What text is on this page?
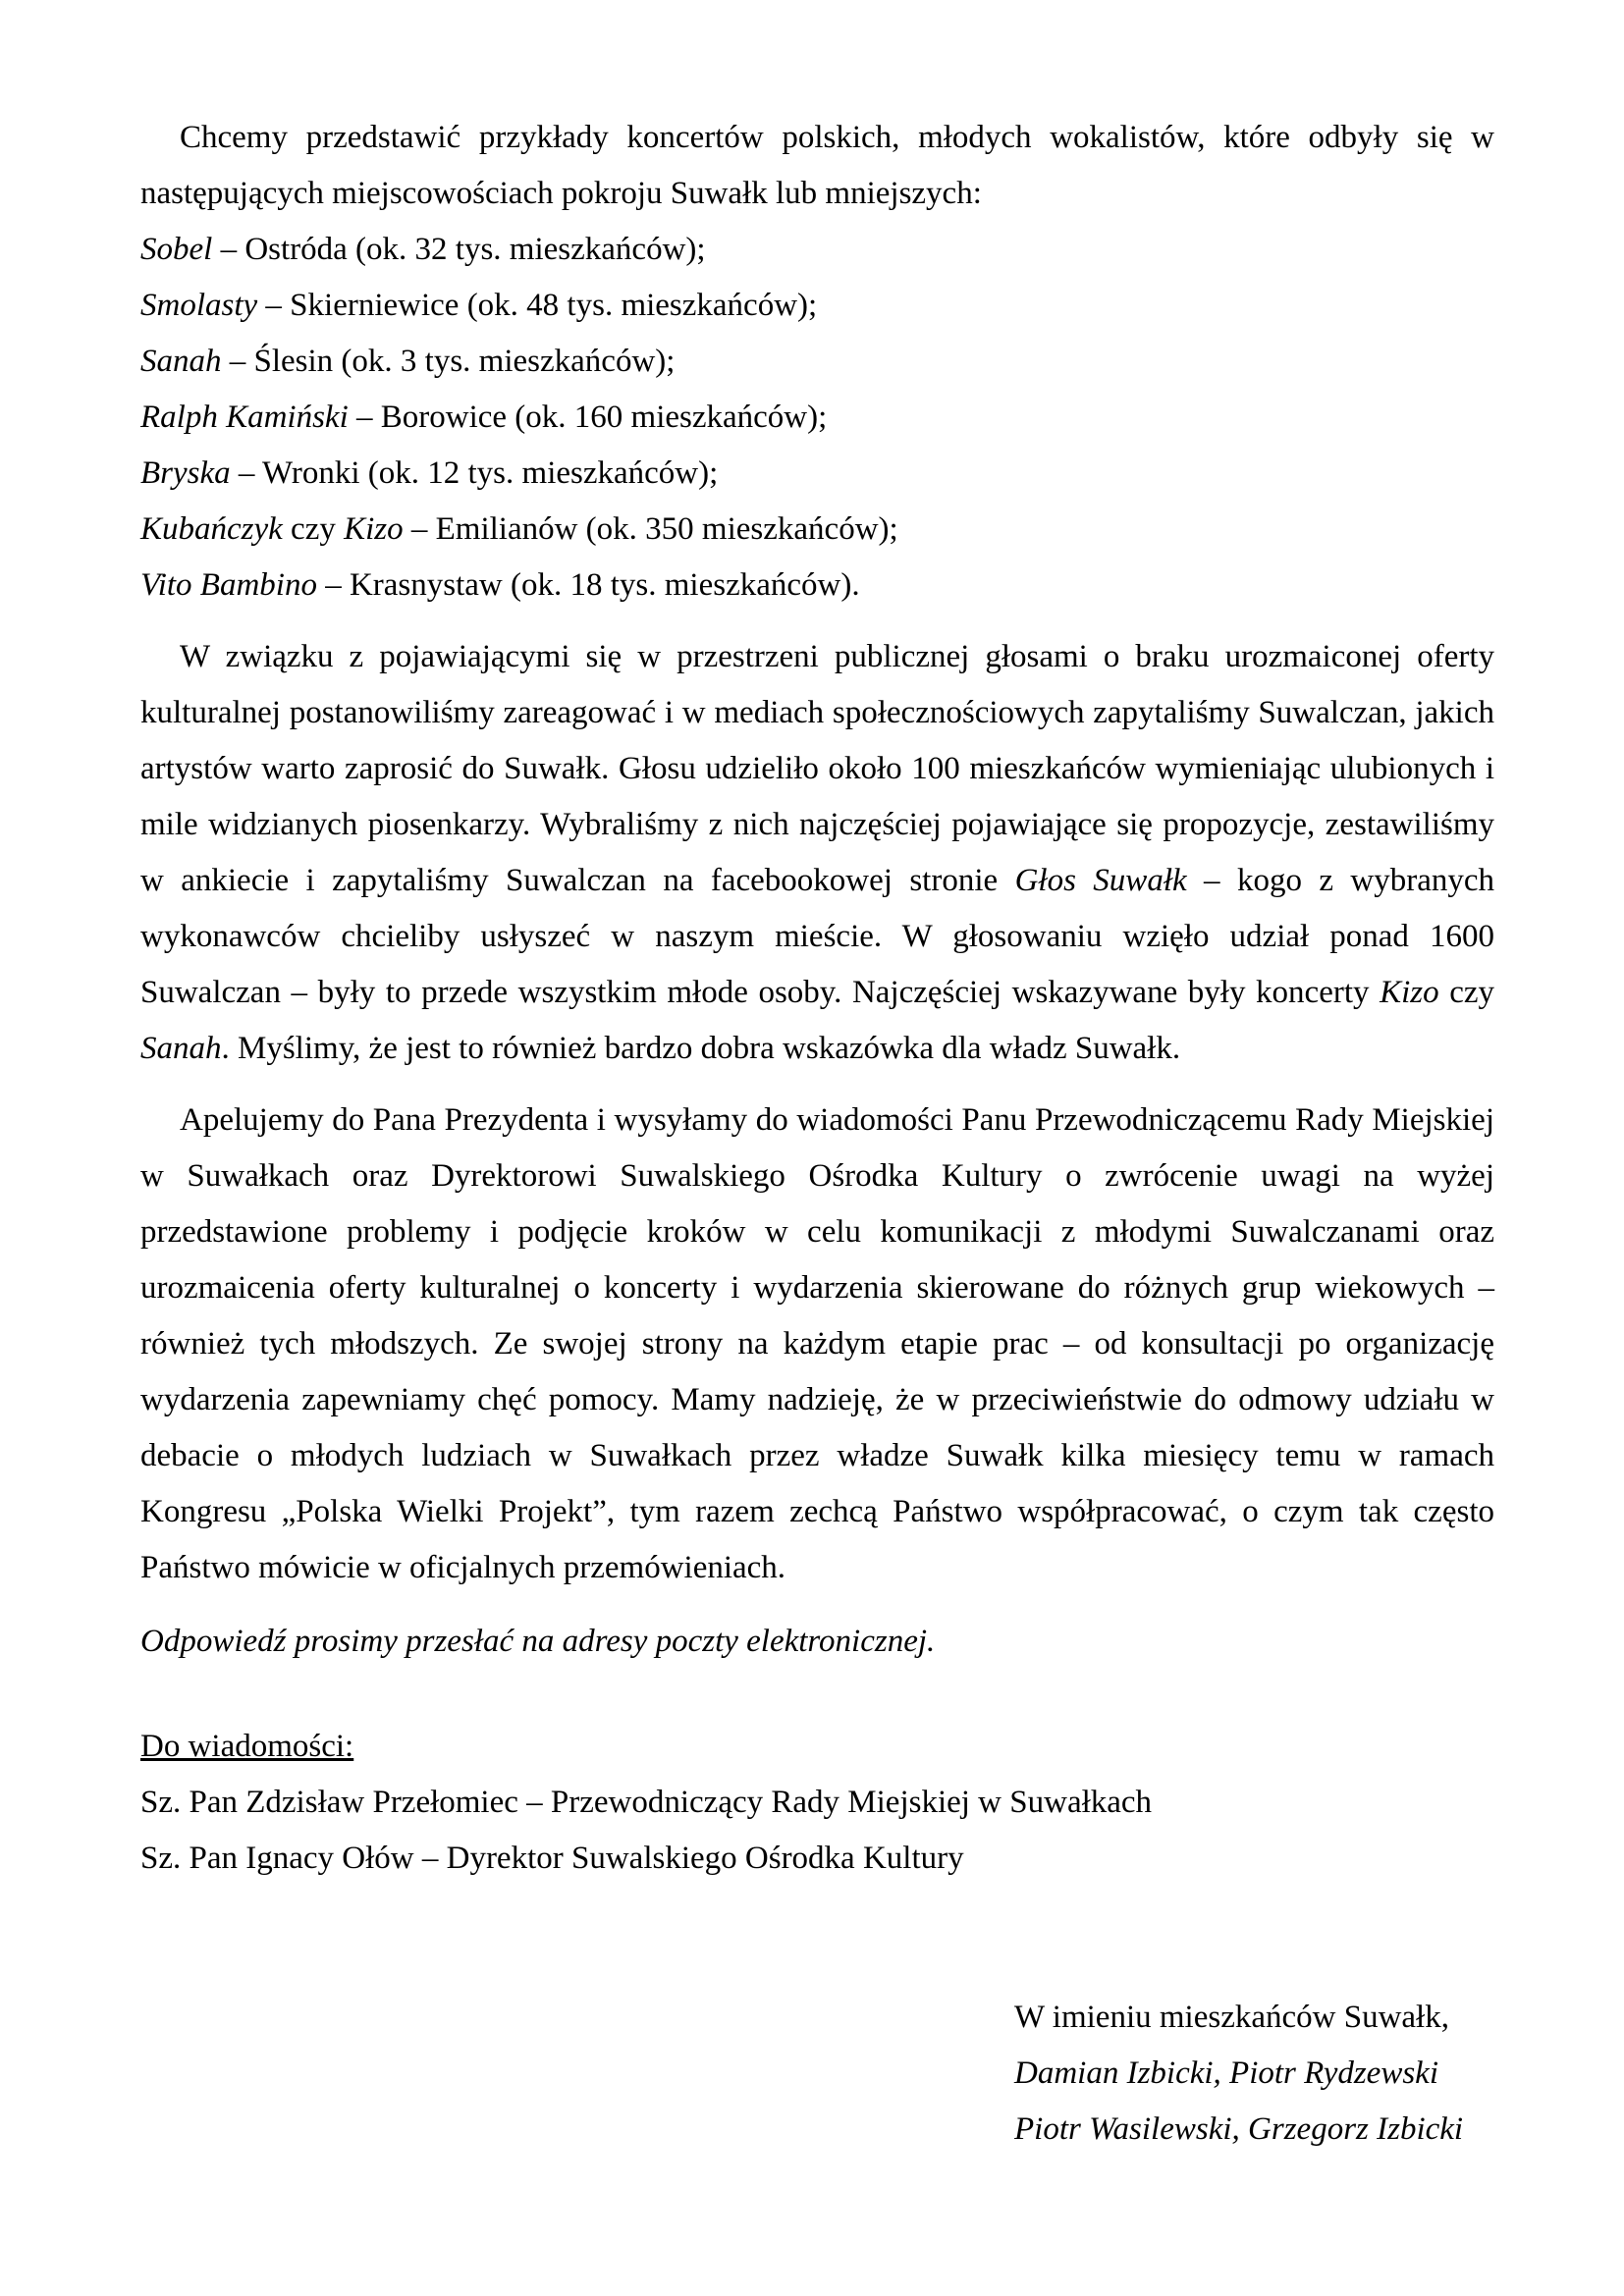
Chcemy przedstawić przykłady koncertów polskich, młodych wokalistów, które odbyły się w następujących miejscowościach pokroju Suwałk lub mniejszych:

Sobel – Ostróda (ok. 32 tys. mieszkańców);

Smolasty – Skierniewice (ok. 48 tys. mieszkańców);

Sanah – Ślesin (ok. 3 tys. mieszkańców);

Ralph Kamiński – Borowice (ok. 160 mieszkańców);

Bryska – Wronki (ok. 12 tys. mieszkańców);

Kubańczyk czy Kizo – Emilianów (ok. 350 mieszkańców);

Vito Bambino – Krasnystaw (ok. 18 tys. mieszkańców).

W związku z pojawiającymi się w przestrzeni publicznej głosami o braku urozmaiconej oferty kulturalnej postanowiliśmy zareagować i w mediach społecznościowych zapytaliśmy Suwalczan, jakich artystów warto zaprosić do Suwałk. Głosu udzieliło około 100 mieszkańców wymieniając ulubionych i mile widzianych piosenkarzy. Wybraliśmy z nich najczęściej pojawiające się propozycje, zestawiliśmy w ankiecie i zapytaliśmy Suwalczan na facebookowej stronie Głos Suwałk – kogo z wybranych wykonawców chcieliby usłyszeć w naszym mieście. W głosowaniu wzięło udział ponad 1600 Suwalczan – były to przede wszystkim młode osoby. Najczęściej wskazywane były koncerty Kizo czy Sanah. Myślimy, że jest to również bardzo dobra wskazówka dla władz Suwałk.

Apelujemy do Pana Prezydenta i wysyłamy do wiadomości Panu Przewodniczącemu Rady Miejskiej w Suwałkach oraz Dyrektorowi Suwalskiego Ośrodka Kultury o zwrócenie uwagi na wyżej przedstawione problemy i podjęcie kroków w celu komunikacji z młodymi Suwalczanami oraz urozmaicenia oferty kulturalnej o koncerty i wydarzenia skierowane do różnych grup wiekowych – również tych młodszych. Ze swojej strony na każdym etapie prac – od konsultacji po organizację wydarzenia zapewniamy chęć pomocy. Mamy nadzieję, że w przeciwieństwie do odmowy udziału w debacie o młodych ludziach w Suwałkach przez władze Suwałk kilka miesięcy temu w ramach Kongresu „Polska Wielki Projekt”, tym razem zechcą Państwo współpracować, o czym tak często Państwo mówicie w oficjalnych przemówieniach.

Odpowiedź prosimy przesłać na adresy poczty elektronicznej.

Do wiadomości:

Sz. Pan Zdzisław Przełomiec – Przewodniczący Rady Miejskiej w Suwałkach

Sz. Pan Ignacy Ołów – Dyrektor Suwalskiego Ośrodka Kultury

W imieniu mieszkańców Suwałk,

Damian Izbicki, Piotr Rydzewski

Piotr Wasilewski, Grzegorz Izbicki
